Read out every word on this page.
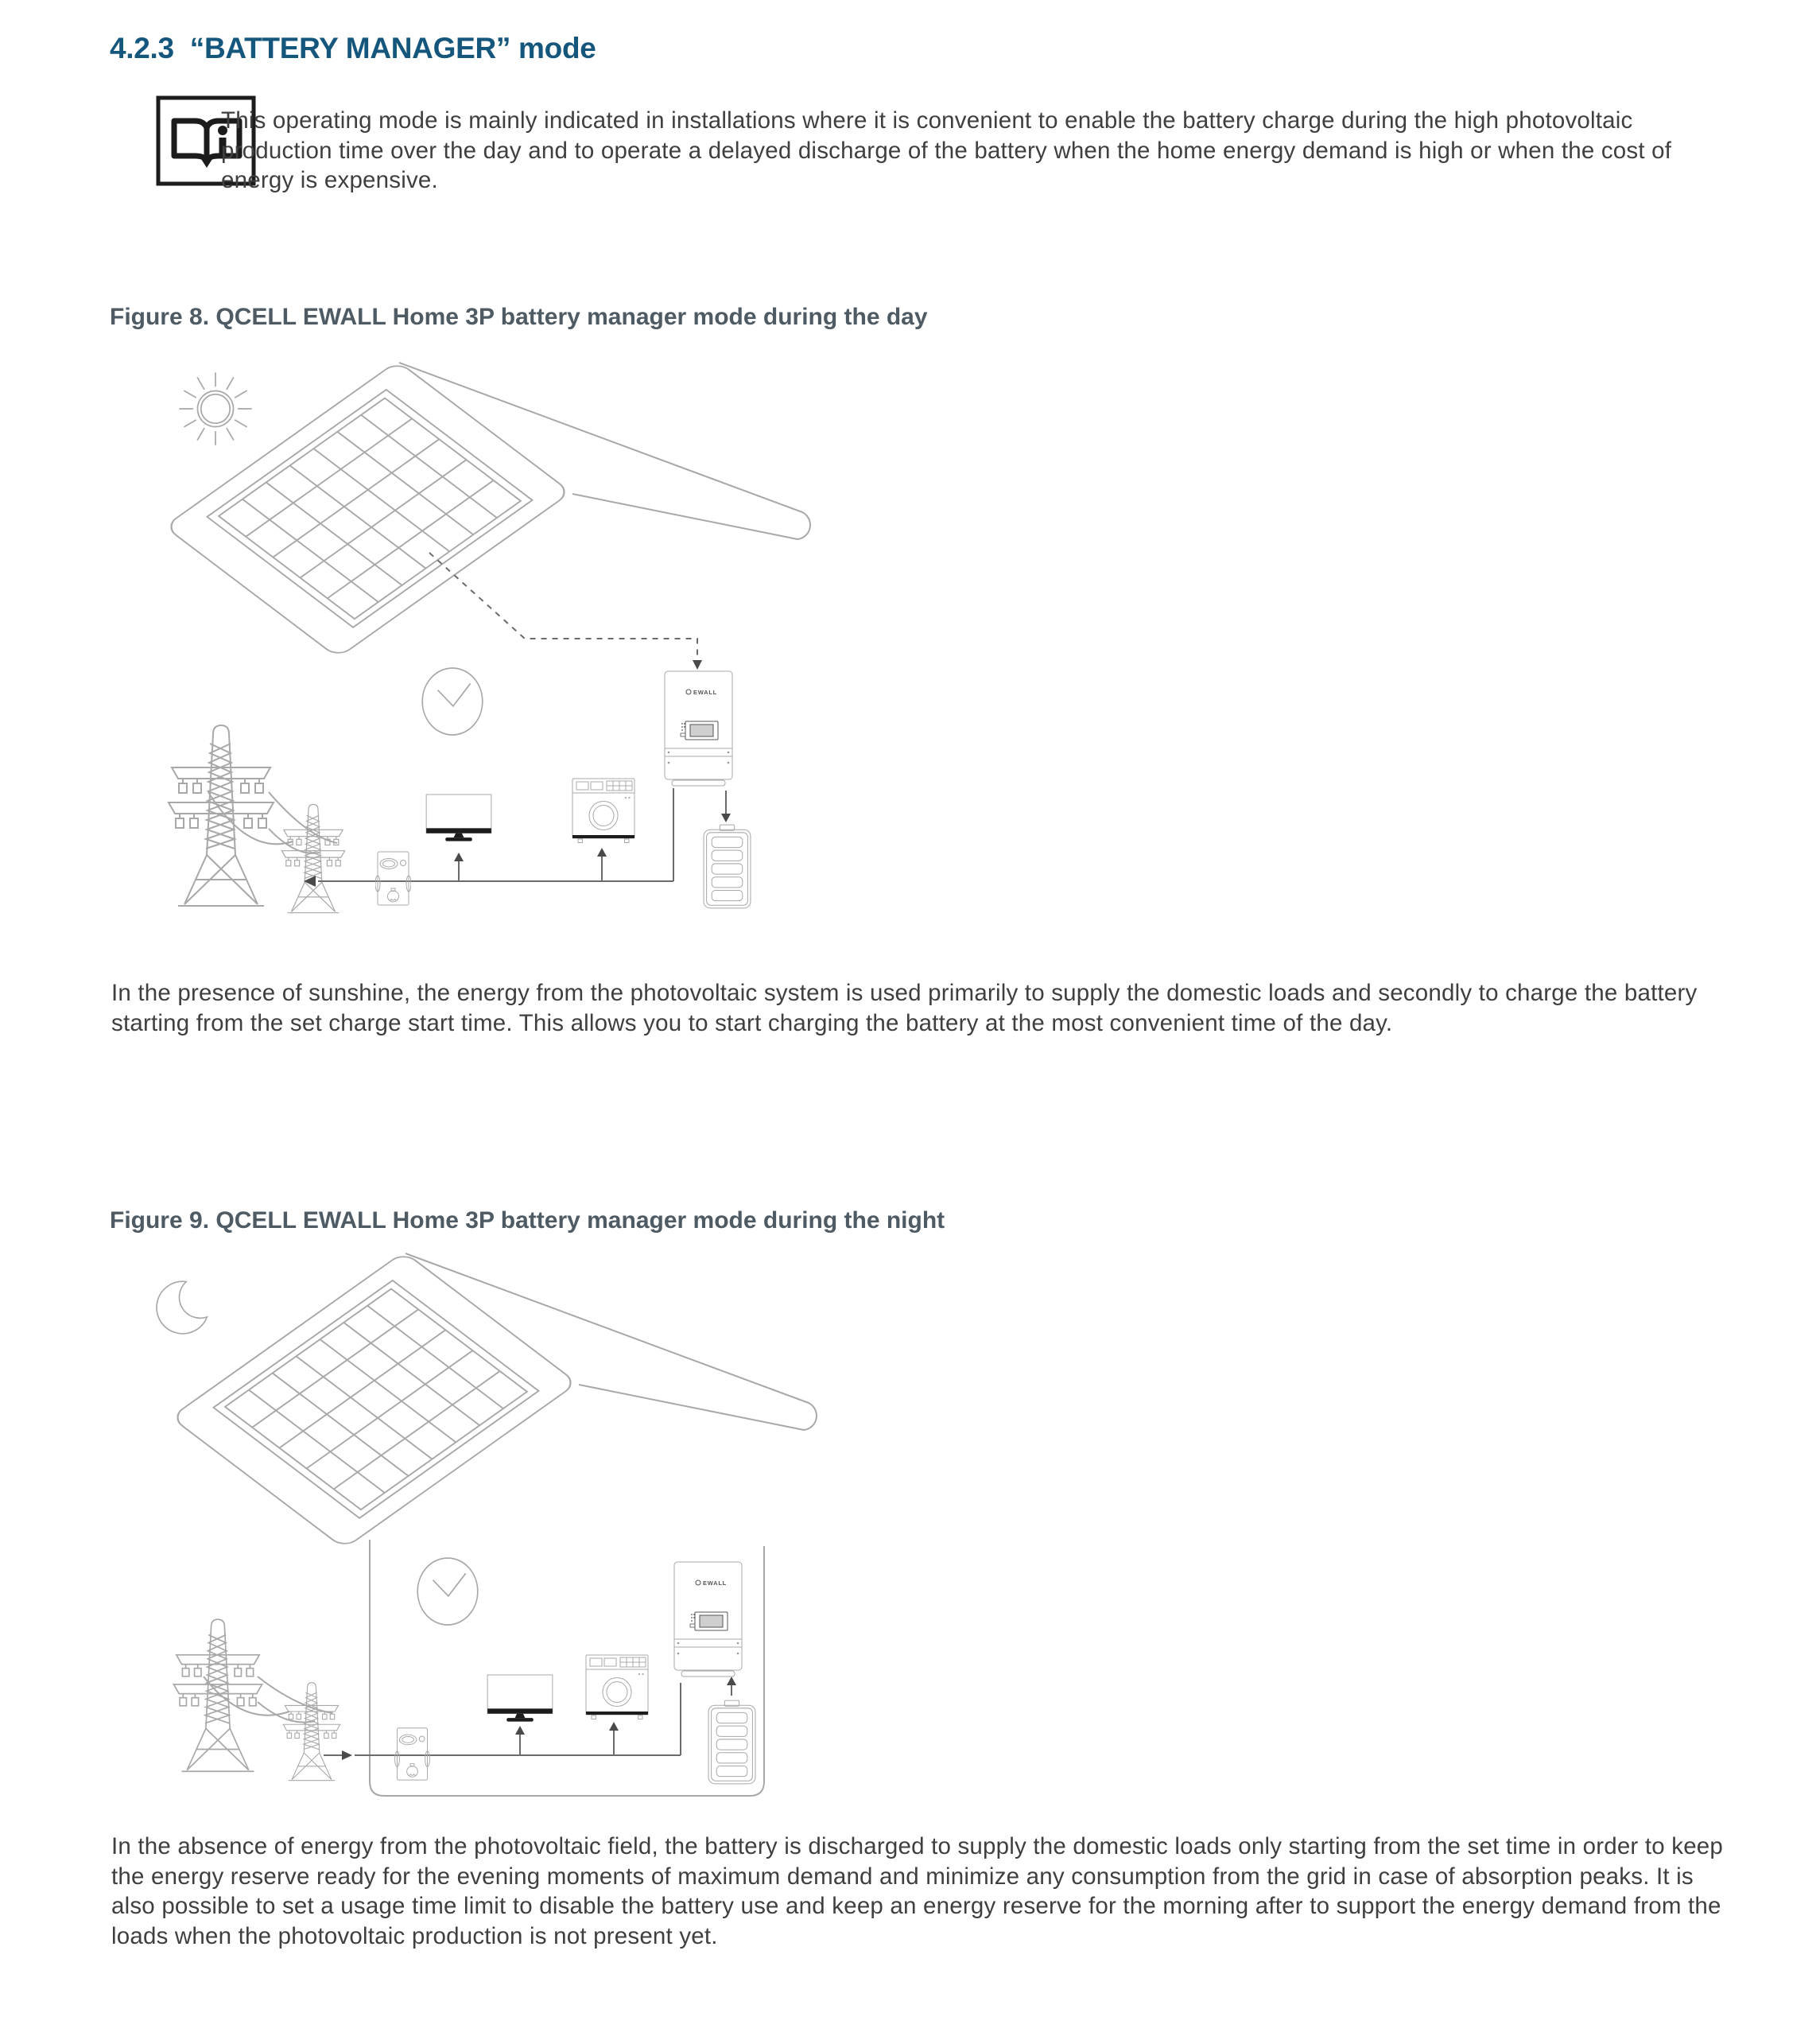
4.2.3 “BATTERY MANAGER” mode
This operating mode is mainly indicated in installations where it is convenient to enable the battery charge during the high photovoltaic production time over the day and to operate a delayed discharge of the battery when the home energy demand is high or when the cost of energy is expensive.
Figure 8. QCELL EWALL Home 3P battery manager mode during the day
In the presence of sunshine, the energy from the photovoltaic system is used primarily to supply the domestic loads and secondly to charge the battery starting from the set charge start time. This allows you to start charging the battery at the most convenient time of the day.
Figure 9. QCELL EWALL Home 3P battery manager mode during the night
In the absence of energy from the photovoltaic field, the battery is discharged to supply the domestic loads only starting from the set time in order to keep the energy reserve ready for the evening moments of maximum demand and minimize any consumption from the grid in case of absorption peaks. It is also possible to set a usage time limit to disable the battery use and keep an energy reserve for the morning after to support the energy demand from the loads when the photovoltaic production is not present yet.
